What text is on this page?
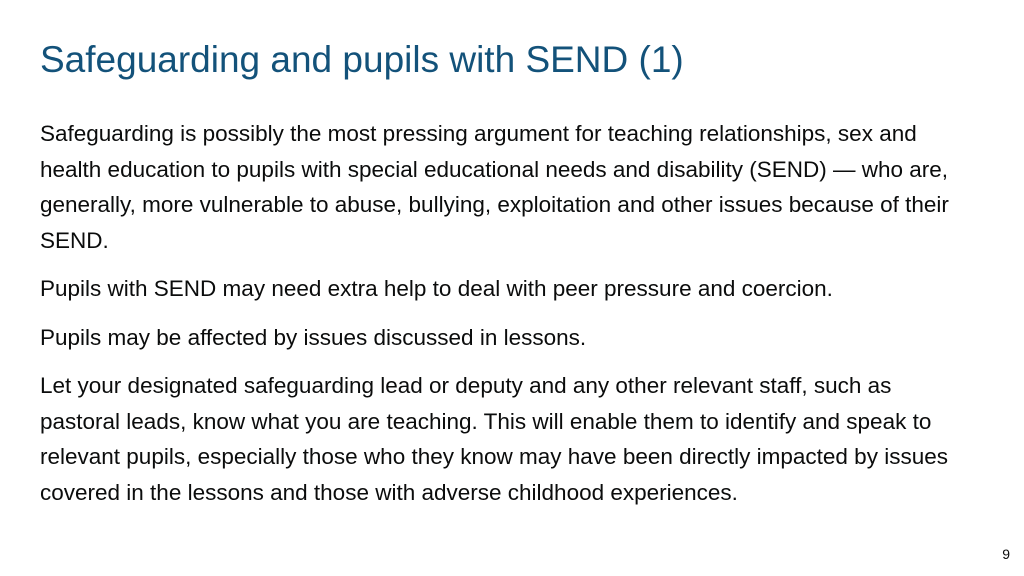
Safeguarding and pupils with SEND (1)

Safeguarding is possibly the most pressing argument for teaching relationships, sex and health education to pupils with special educational needs and disability (SEND) — who are, generally, more vulnerable to abuse, bullying, exploitation and other issues because of their SEND.

Pupils with SEND may need extra help to deal with peer pressure and coercion.

Pupils may be affected by issues discussed in lessons.

Let your designated safeguarding lead or deputy and any other relevant staff, such as pastoral leads, know what you are teaching. This will enable them to identify and speak to relevant pupils, especially those who they know may have been directly impacted by issues covered in the lessons and those with adverse childhood experiences.

9
